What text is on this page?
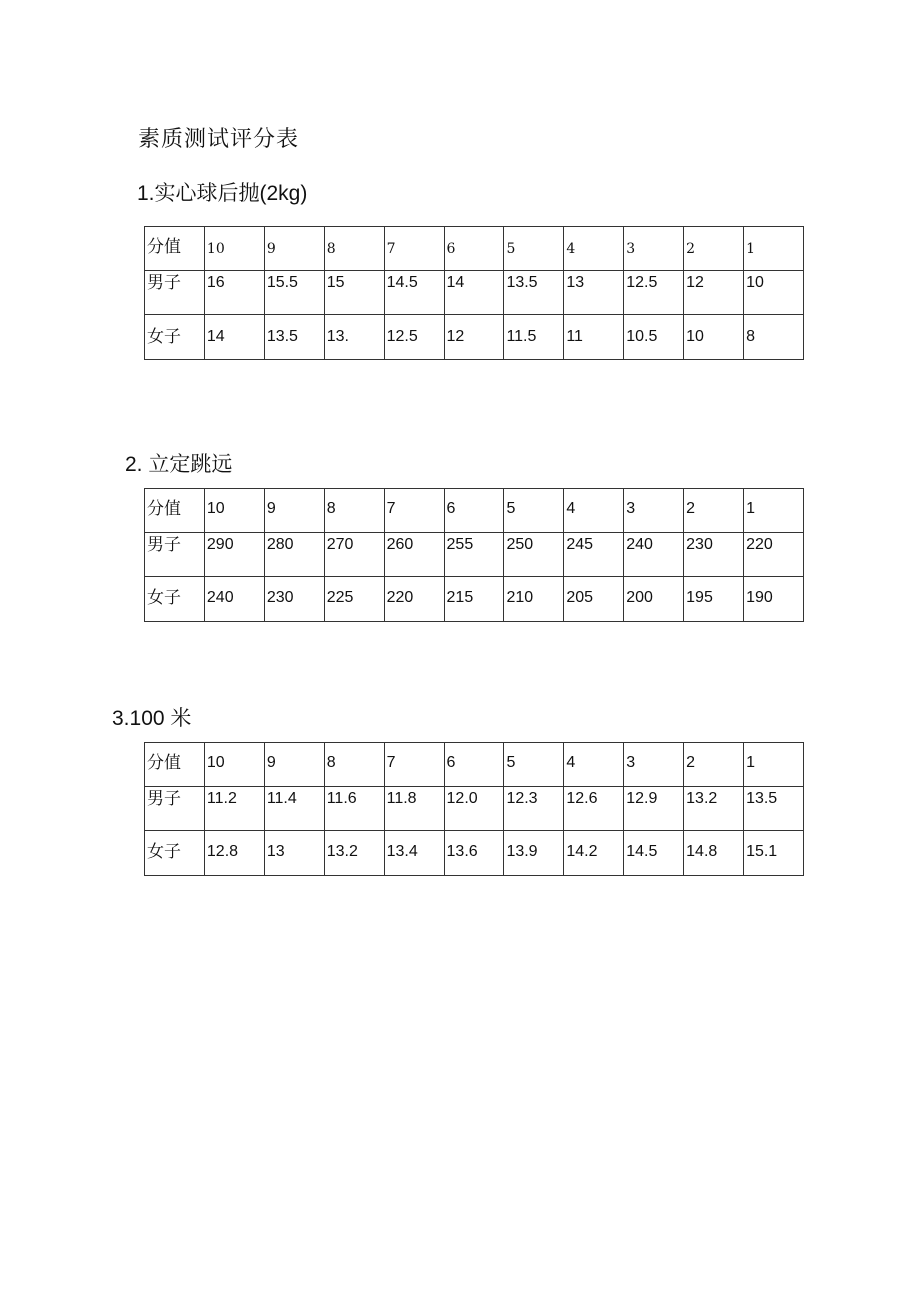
素质测试评分表
1.实心球后抛(2kg)
分值	10	9	8	7	6	5	4	3	2	1
男子	16	15.5	15	14.5	14	13.5	13	12.5	12	10
女子	14	13.5	13.	12.5	12	11.5	11	10.5	10	8
2. 立定跳远
分值	10	9	8	7	6	5	4	3	2	1
男子	290	280	270	260	255	250	245	240	230	220
女子	240	230	225	220	215	210	205	200	195	190
3.100 米
分值	10	9	8	7	6	5	4	3	2	1
男子	11.2	11.4	11.6	11.8	12.0	12.3	12.6	12.9	13.2	13.5
女子	12.8	13	13.2	13.4	13.6	13.9	14.2	14.5	14.8	15.1
